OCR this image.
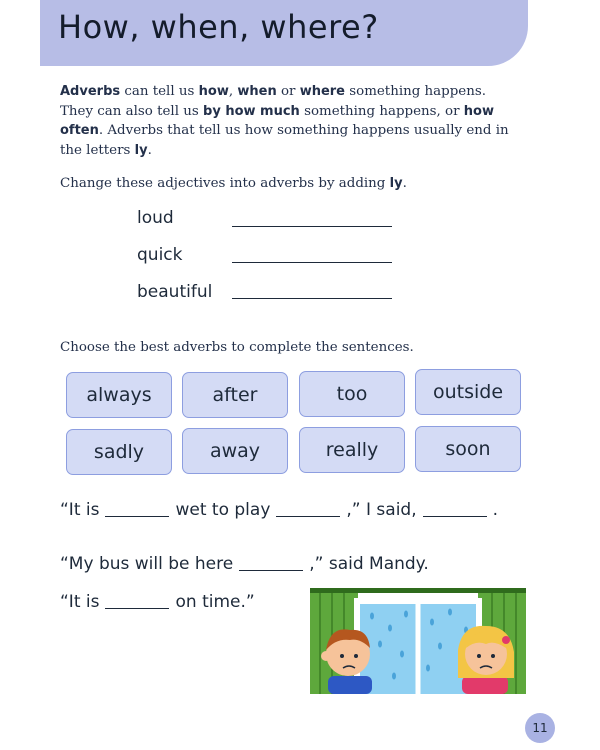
How, when, where?
Adverbs can tell us how, when or where something happens. They can also tell us by how much something happens, or how often. Adverbs that tell us how something happens usually end in the letters ly.
Change these adjectives into adverbs by adding ly.
loud
quick
beautiful
Choose the best adverbs to complete the sentences.
always	after	too	outside
sadly	away	really	soon
“It is	wet to play	,” I said,	.
“My bus will be here	,” said Mandy.
“It is	on time.”
11
